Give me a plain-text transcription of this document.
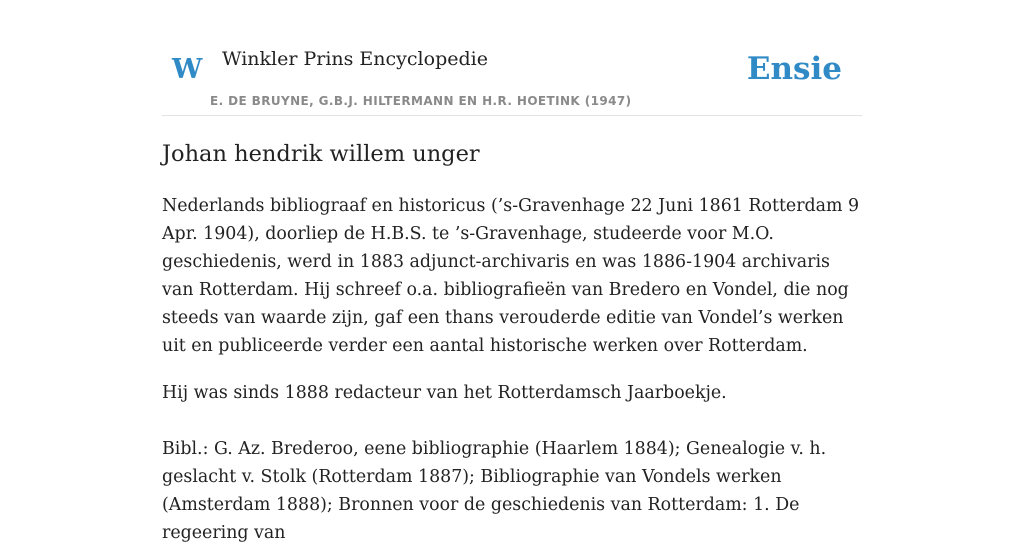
W Winkler Prins Encyclopedie
E. DE BRUYNE, G.B.J. HILTERMANN EN H.R. HOETINK (1947)
Ensie
Johan hendrik willem unger

Nederlands bibliograaf en historicus (’s-Gravenhage 22 Juni 1861 Rotterdam 9 Apr. 1904), doorliep de H.B.S. te ’s-Gravenhage, studeerde voor M.O. geschiedenis, werd in 1883 adjunct-archivaris en was 1886-1904 archivaris van Rotterdam. Hij schreef o.a. bibliografieën van Bredero en Vondel, die nog steeds van waarde zijn, gaf een thans verouderde editie van Vondel’s werken uit en publiceerde verder een aantal historische werken over Rotterdam.

Hij was sinds 1888 redacteur van het Rotterdamsch Jaarboekje.

Bibl.: G. Az. Brederoo, eene bibliographie (Haarlem 1884); Genealogie v. h. geslacht v. Stolk (Rotterdam 1887); Bibliographie van Vondels werken (Amsterdam 1888); Bronnen voor de geschiedenis van Rotterdam: 1. De regeering van
